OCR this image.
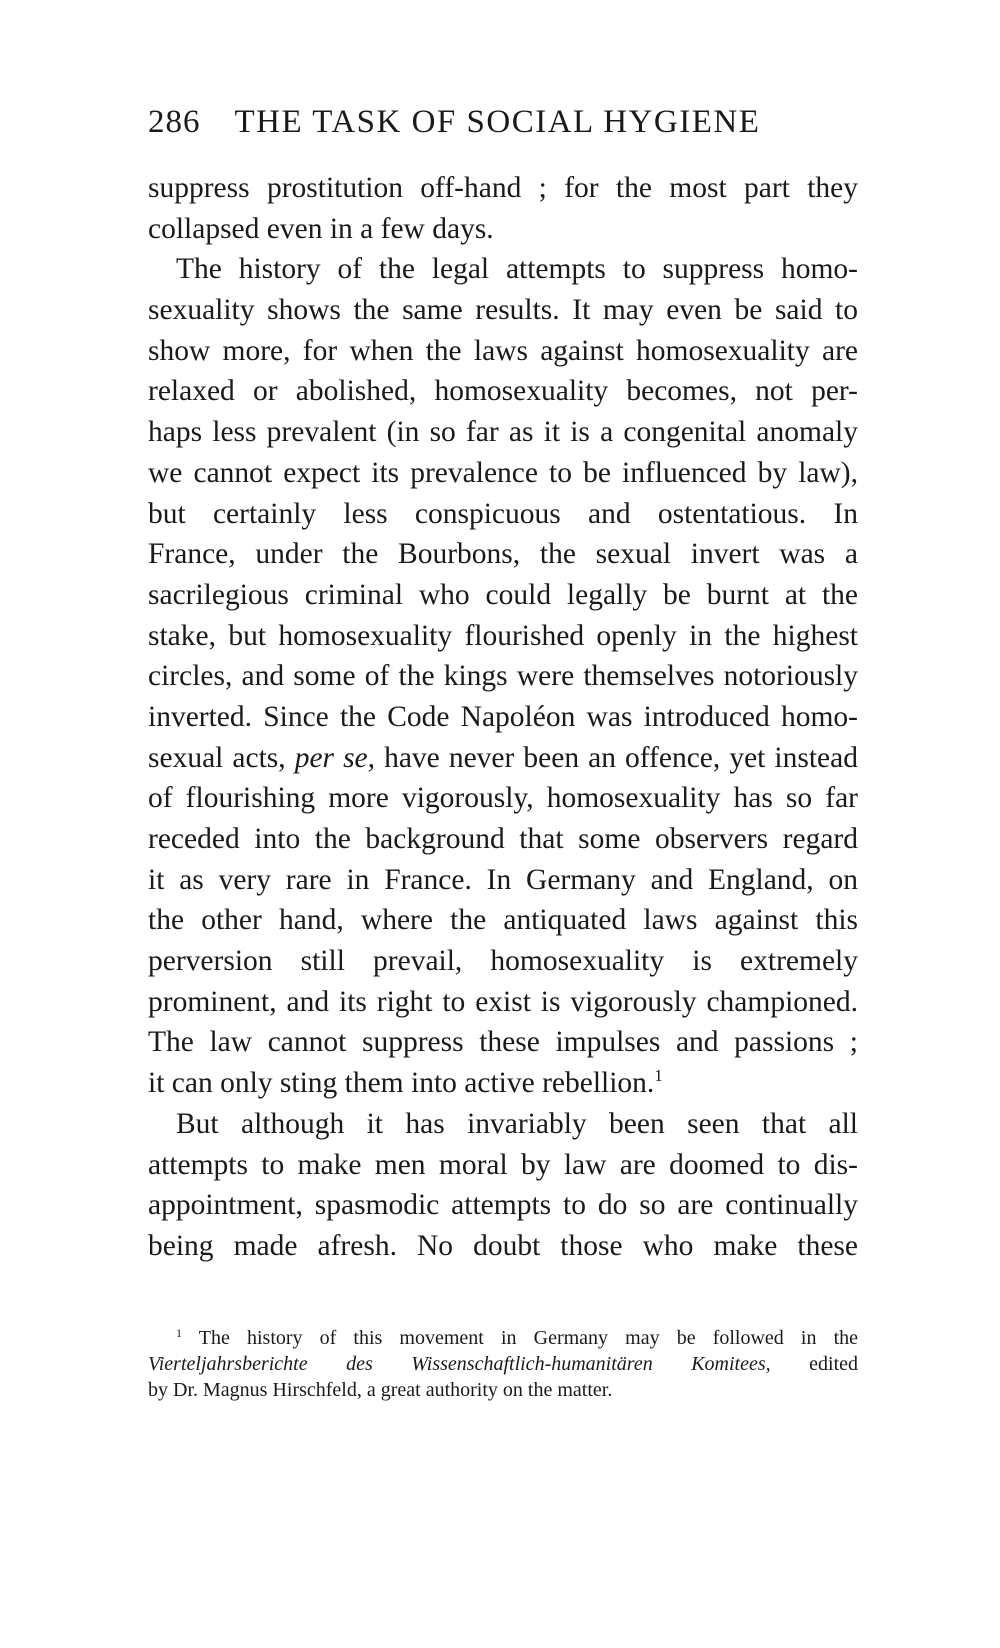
286 THE TASK OF SOCIAL HYGIENE
suppress prostitution off-hand ; for the most part they
collapsed even in a few days.
The history of the legal attempts to suppress homo-
sexuality shows the same results. It may even be said to
show more, for when the laws against homosexuality are
relaxed or abolished, homosexuality becomes, not per-
haps less prevalent (in so far as it is a congenital anomaly
we cannot expect its prevalence to be influenced by law),
but certainly less conspicuous and ostentatious. In
France, under the Bourbons, the sexual invert was a
sacrilegious criminal who could legally be burnt at the
stake, but homosexuality flourished openly in the highest
circles, and some of the kings were themselves notoriously
inverted. Since the Code Napoléon was introduced homo-
sexual acts, per se, have never been an offence, yet instead
of flourishing more vigorously, homosexuality has so far
receded into the background that some observers regard
it as very rare in France. In Germany and England, on
the other hand, where the antiquated laws against this
perversion still prevail, homosexuality is extremely
prominent, and its right to exist is vigorously championed.
The law cannot suppress these impulses and passions ;
it can only sting them into active rebellion.$^1$
But although it has invariably been seen that all
attempts to make men moral by law are doomed to dis-
appointment, spasmodic attempts to do so are continually
being made afresh. No doubt those who make these
$^1$ The history of this movement in Germany may be followed in the
Vierteljahrsberichte des Wissenschaftlich-humanitären Komitees, edited
by Dr. Magnus Hirschfeld, a great authority on the matter.
